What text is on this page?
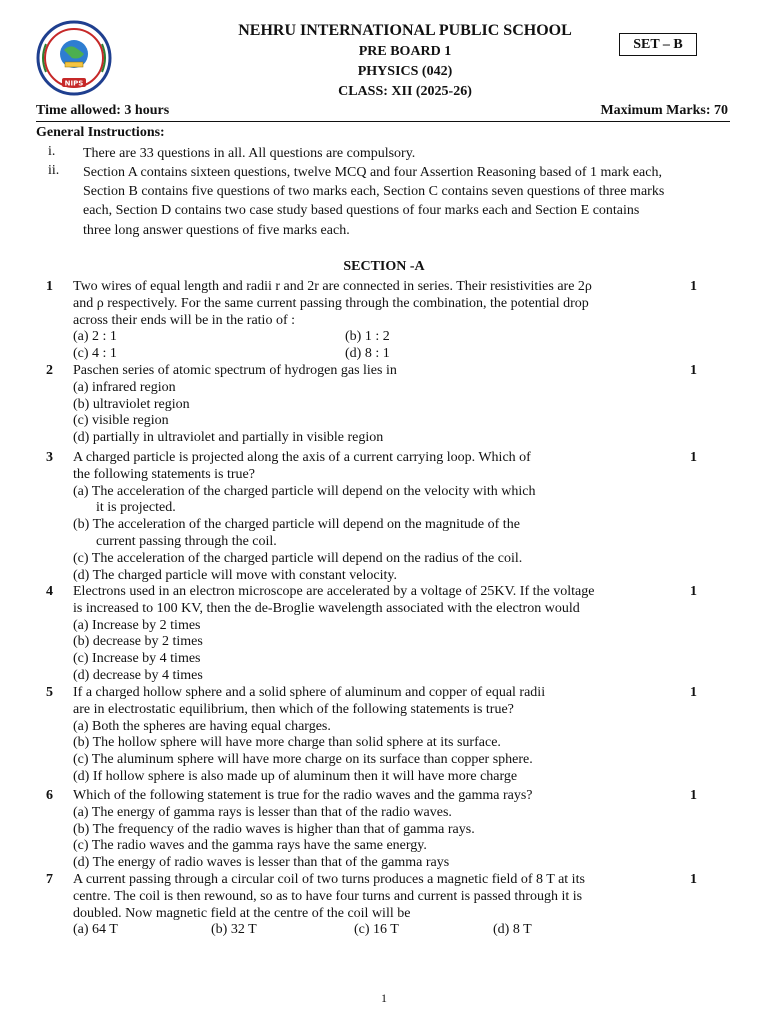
NIPS
NEHRU INTERNATIONAL PUBLIC SCHOOL
PRE BOARD 1
PHYSICS (042)
CLASS: XII (2025-26)
SET – B
Time allowed: 3 hours	Maximum Marks: 70
General Instructions:
i. There are 33 questions in all. All questions are compulsory.
ii. Section A contains sixteen questions, twelve MCQ and four Assertion Reasoning based of 1 mark each,
Section B contains five questions of two marks each, Section C contains seven questions of three marks
each, Section D contains two case study based questions of four marks each and Section E contains
three long answer questions of five marks each.
SECTION -A
1	1
Two wires of equal length and radii r and 2r are connected in series. Their resistivities are 2ρ
and ρ respectively. For the same current passing through the combination, the potential drop
across their ends will be in the ratio of :
(a) 2 : 1	(b) 1 : 2
(c) 4 : 1	(d) 8 : 1
2	1
Paschen series of atomic spectrum of hydrogen gas lies in
(a) infrared region
(b) ultraviolet region
(c) visible region
(d) partially in ultraviolet and partially in visible region
3	1
A charged particle is projected along the axis of a current carrying loop. Which of
the following statements is true?
(a) The acceleration of the charged particle will depend on the velocity with which
it is projected.
(b) The acceleration of the charged particle will depend on the magnitude of the
current passing through the coil.
(c) The acceleration of the charged particle will depend on the radius of the coil.
(d) The charged particle will move with constant velocity.
4	1
Electrons used in an electron microscope are accelerated by a voltage of 25KV. If the voltage
is increased to 100 KV, then the de-Broglie wavelength associated with the electron would
(a) Increase by 2 times
(b) decrease by 2 times
(c) Increase by 4 times
(d) decrease by 4 times
5	1
If a charged hollow sphere and a solid sphere of aluminum and copper of equal radii
are in electrostatic equilibrium, then which of the following statements is true?
(a) Both the spheres are having equal charges.
(b) The hollow sphere will have more charge than solid sphere at its surface.
(c) The aluminum sphere will have more charge on its surface than copper sphere.
(d) If hollow sphere is also made up of aluminum then it will have more charge
6	1
Which of the following statement is true for the radio waves and the gamma rays?
(a) The energy of gamma rays is lesser than that of the radio waves.
(b) The frequency of the radio waves is higher than that of gamma rays.
(c) The radio waves and the gamma rays have the same energy.
(d) The energy of radio waves is lesser than that of the gamma rays
7	1
A current passing through a circular coil of two turns produces a magnetic field of 8 T at its
centre. The coil is then rewound, so as to have four turns and current is passed through it is
doubled. Now magnetic field at the centre of the coil will be
(a) 64 T	(b) 32 T	(c) 16 T	(d) 8 T
1
